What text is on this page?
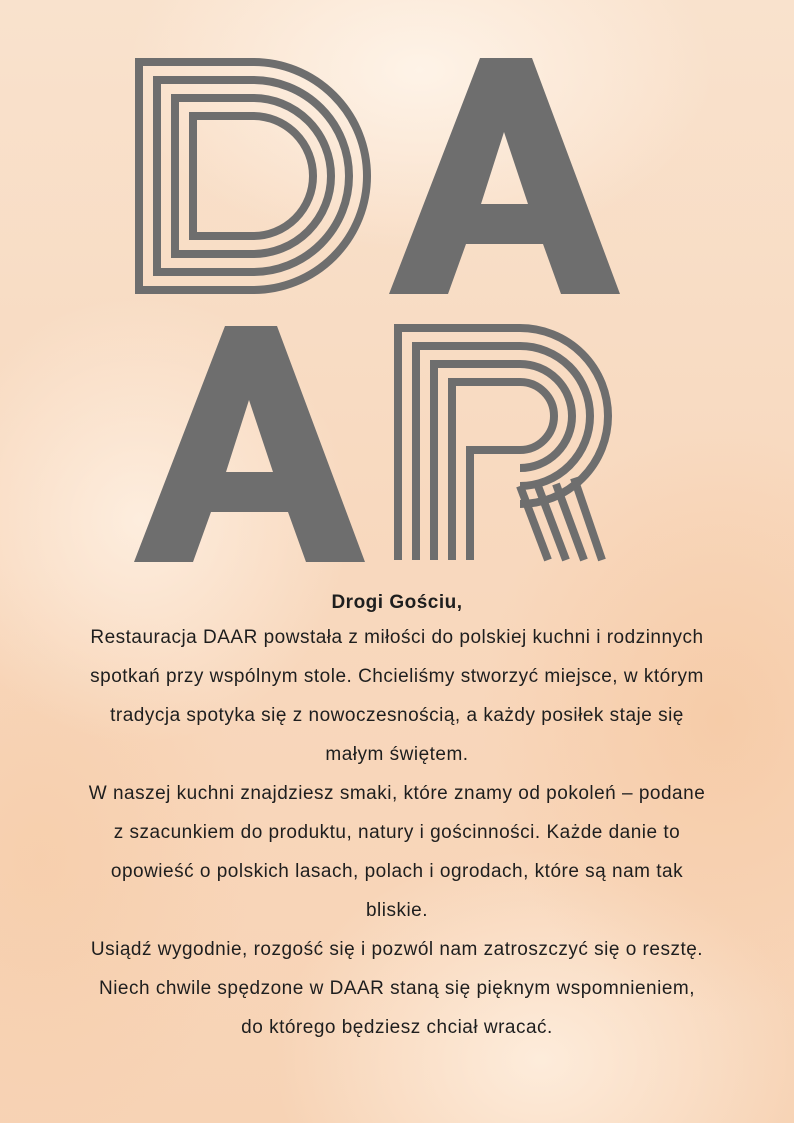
Drogi Gościu,

Restauracja DAAR powstała z miłości do polskiej kuchni i rodzinnych

spotkań przy wspólnym stole. Chcieliśmy stworzyć miejsce, w którym

tradycja spotyka się z nowoczesnością, a każdy posiłek staje się

małym świętem.

W naszej kuchni znajdziesz smaki, które znamy od pokoleń – podane

z szacunkiem do produktu, natury i gościnności. Każde danie to

opowieść o polskich lasach, polach i ogrodach, które są nam tak

bliskie.

Usiądź wygodnie, rozgość się i pozwól nam zatroszczyć się o resztę.

Niech chwile spędzone w DAAR staną się pięknym wspomnieniem,

do którego będziesz chciał wracać.
